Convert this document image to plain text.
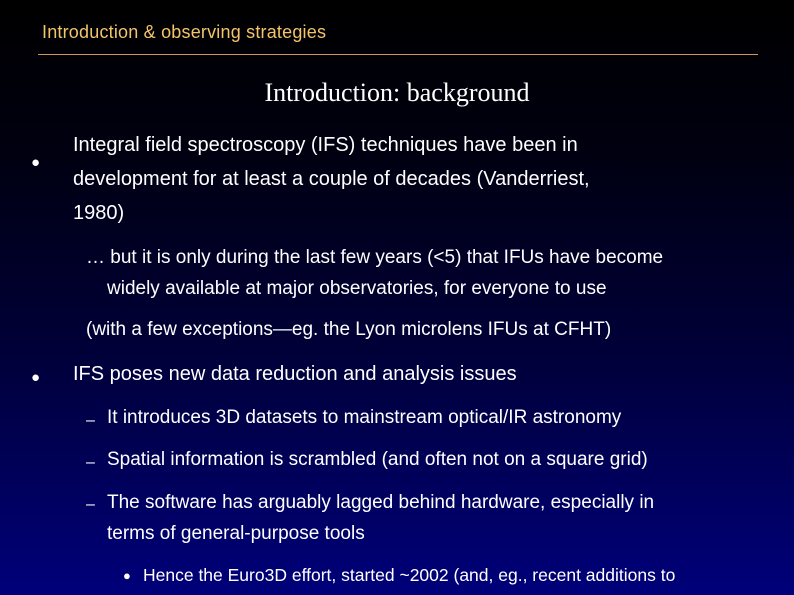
Introduction & observing strategies
Introduction: background
●
Integral field spectroscopy (IFS) techniques have been in
development for at least a couple of decades (Vanderriest,
1980)
… but it is only during the last few years (<5) that IFUs have become
widely available at major observatories, for everyone to use
(with a few exceptions—eg. the Lyon microlens IFUs at CFHT)
● IFS poses new data reduction and analysis issues
– It introduces 3D datasets to mainstream optical/IR astronomy
– Spatial information is scrambled (and often not on a square grid)
– The software has arguably lagged behind hardware, especially in
terms of general-purpose tools
● Hence the Euro3D effort, started ~2002 (and, eg., recent additions to
